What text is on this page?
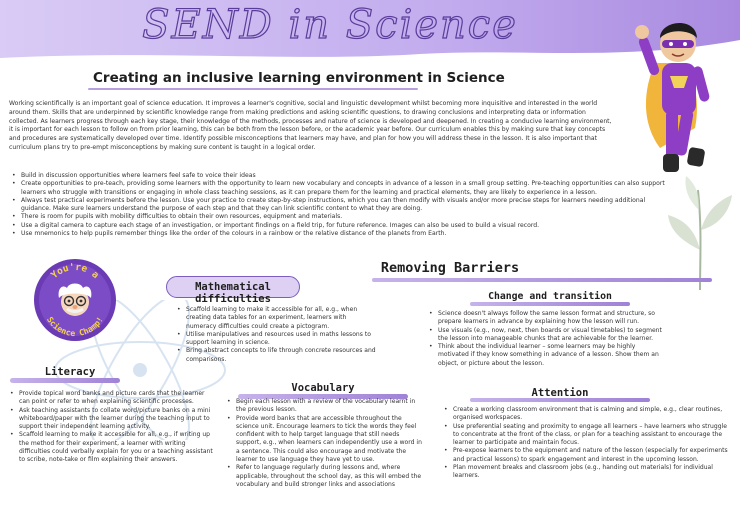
SEND in Science
Creating an inclusive learning environment in Science

Working scientifically is an important goal of science education. It improves a learner's cognitive, social and linguistic development whilst becoming more inquisitive and interested in the world around them. Skills that are underpinned by scientific knowledge range from making predictions and asking scientific questions, to drawing conclusions and interpreting data or information collected. As learners progress through each key stage, their knowledge of the methods, processes and nature of science is developed and deepened. In creating a conducive learning environment, it is important for each lesson to follow on from prior learning, this can be both from the lesson before, or the academic year before. Our curriculum enables this by making sure that key concepts and procedures are systematically developed over time. Identify possible misconceptions that learners may have, and plan for how you will address these in the lesson. It is also important that curriculum plans try to pre-empt misconceptions by making sure content is taught in a logical order.

• Build in discussion opportunities where learners feel safe to voice their ideas
• Create opportunities to pre-teach, providing some learners with the opportunity to learn new vocabulary and concepts in advance of a lesson in a small group setting. Pre-teaching opportunities can also support learners who struggle with transitions or engaging in whole class teaching sessions, as it can prepare them for the learning and practical elements, they are likely to experience in a lesson.
• Always test practical experiments before the lesson. Use your practice to create step-by-step instructions, which you can then modify with visuals and/or more precise steps for learners needing additional guidance. Make sure learners understand the purpose of each step and that they can link scientific content to what they are doing.
• There is room for pupils with mobility difficulties to obtain their own resources, equipment and materials.
• Use a digital camera to capture each stage of an investigation, or important findings on a field trip, for future reference. Images can also be used to build a visual record.
• Use mnemonics to help pupils remember things like the order of the colours in a rainbow or the relative distance of the planets from Earth.
You're a
Science Champ!
Mathematical difficulties
• Scaffold learning to make it accessible for all, e.g., when creating data tables for an experiment, learners with numeracy difficulties could create a pictogram.
• Utilise manipulatives and resources used in maths lessons to support learning in science.
• Bring abstract concepts to life through concrete resources and comparisons.
Literacy
• Provide topical word banks and picture cards that the learner can point or refer to when explaining scientific processes.
• Ask teaching assistants to collate word/picture banks on a mini whiteboard/paper with the learner during the teaching input to support their independent learning activity.
• Scaffold learning to make it accessible for all, e.g., if writing up the method for their experiment, a learner with writing difficulties could verbally explain for you or a teaching assistant to scribe, note-take or film explaining their answers.
Vocabulary
• Begin each lesson with a review of the vocabulary learnt in the previous lesson.
• Provide word banks that are accessible throughout the science unit. Encourage learners to tick the words they feel confident with to help target language that still needs support, e.g., when learners can independently use a word in a sentence. This could also encourage and motivate the learner to use language they have yet to use.
• Refer to language regularly during lessons and, where applicable, throughout the school day, as this will embed the vocabulary and build stronger links and associations
Removing Barriers
Change and transition
• Science doesn't always follow the same lesson format and structure, so prepare learners in advance by explaining how the lesson will run.
• Use visuals (e.g., now, next, then boards or visual timetables) to segment the lesson into manageable chunks that are achievable for the learner.
• Think about the individual learner – some learners may be highly motivated if they know something in advance of a lesson. Show them an object, or picture about the lesson.
Attention
• Create a working classroom environment that is calming and simple, e.g., clear routines, organised workspaces.
• Use preferential seating and proximity to engage all learners – have learners who struggle to concentrate at the front of the class, or plan for a teaching assistant to encourage the learner to participate and maintain focus.
• Pre-expose learners to the equipment and nature of the lesson (especially for experiments and practical lessons) to spark engagement and interest in the upcoming lesson.
• Plan movement breaks and classroom jobs (e.g., handing out materials) for individual learners.
